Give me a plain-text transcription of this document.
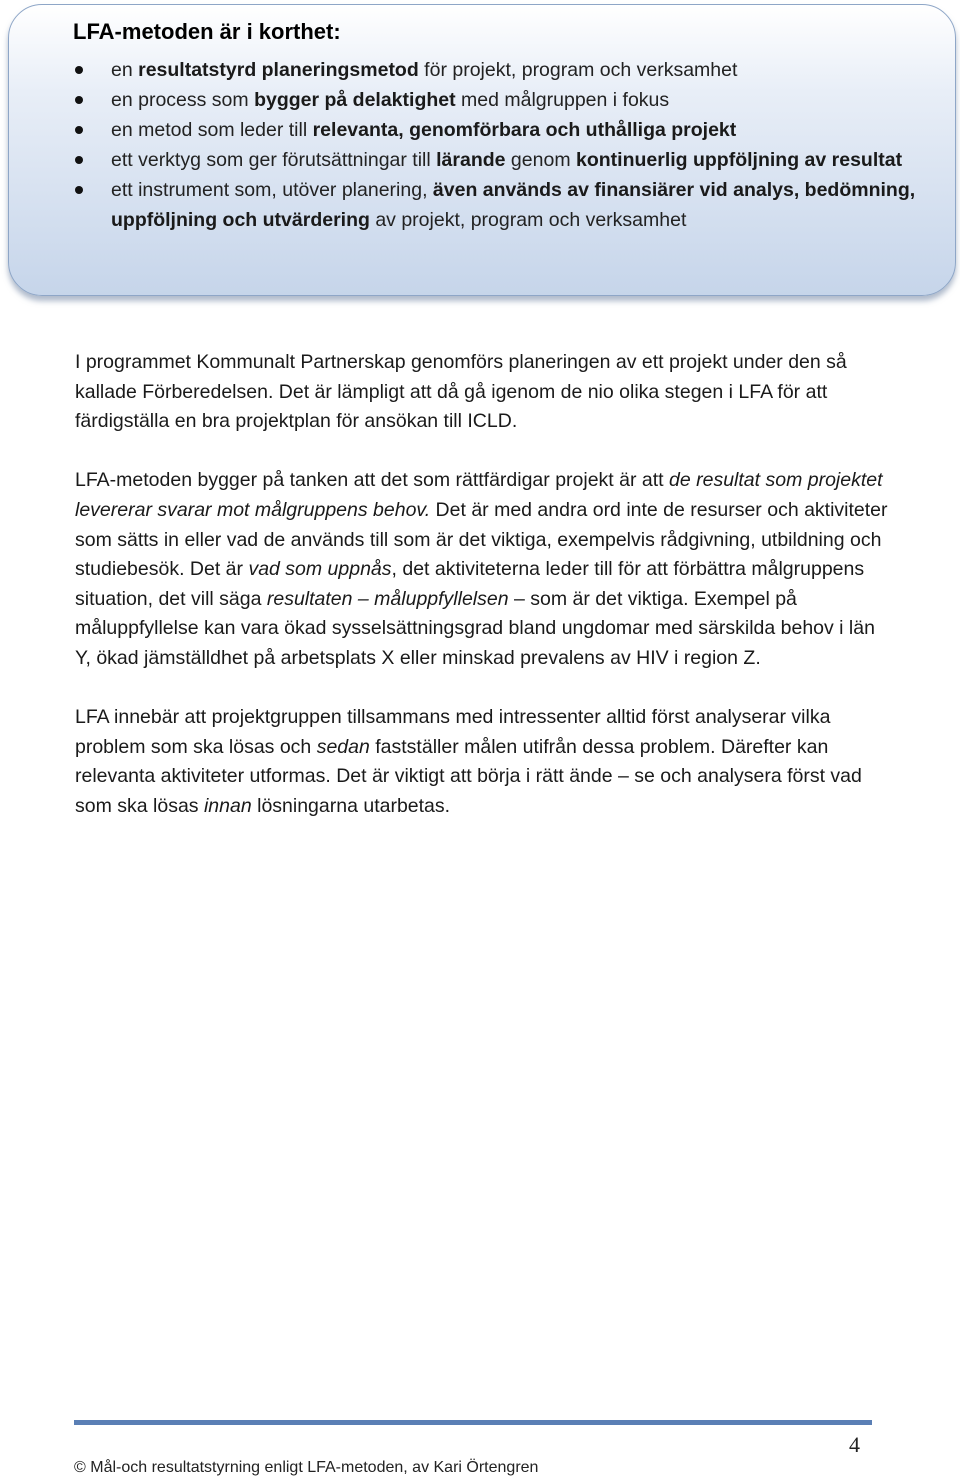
LFA-metoden är i korthet:
en resultatstyrd planeringsmetod för projekt, program och verksamhet
en process som bygger på delaktighet med målgruppen i fokus
en metod som leder till relevanta, genomförbara och uthålliga projekt
ett verktyg som ger förutsättningar till lärande genom kontinuerlig uppföljning av resultat
ett instrument som, utöver planering, även används av finansiärer vid analys, bedömning, uppföljning och utvärdering av projekt, program och verksamhet

I programmet Kommunalt Partnerskap genomförs planeringen av ett projekt under den så kallade Förberedelsen. Det är lämpligt att då gå igenom de nio olika stegen i LFA för att färdigställa en bra projektplan för ansökan till ICLD.

LFA-metoden bygger på tanken att det som rättfärdigar projekt är att de resultat som projektet levererar svarar mot målgruppens behov. Det är med andra ord inte de resurser och aktiviteter som sätts in eller vad de används till som är det viktiga, exempelvis rådgivning, utbildning och studiebesök. Det är vad som uppnås, det aktiviteterna leder till för att förbättra målgruppens situation, det vill säga resultaten – måluppfyllelsen – som är det viktiga. Exempel på måluppfyllelse kan vara ökad sysselsättningsgrad bland ungdomar med särskilda behov i län Y, ökad jämställdhet på arbetsplats X eller minskad prevalens av HIV i region Z.

LFA innebär att projektgruppen tillsammans med intressenter alltid först analyserar vilka problem som ska lösas och sedan fastställer målen utifrån dessa problem. Därefter kan relevanta aktiviteter utformas. Det är viktigt att börja i rätt ände – se och analysera först vad som ska lösas innan lösningarna utarbetas.

4
© Mål-och resultatstyrning enligt LFA-metoden, av Kari Örtengren
